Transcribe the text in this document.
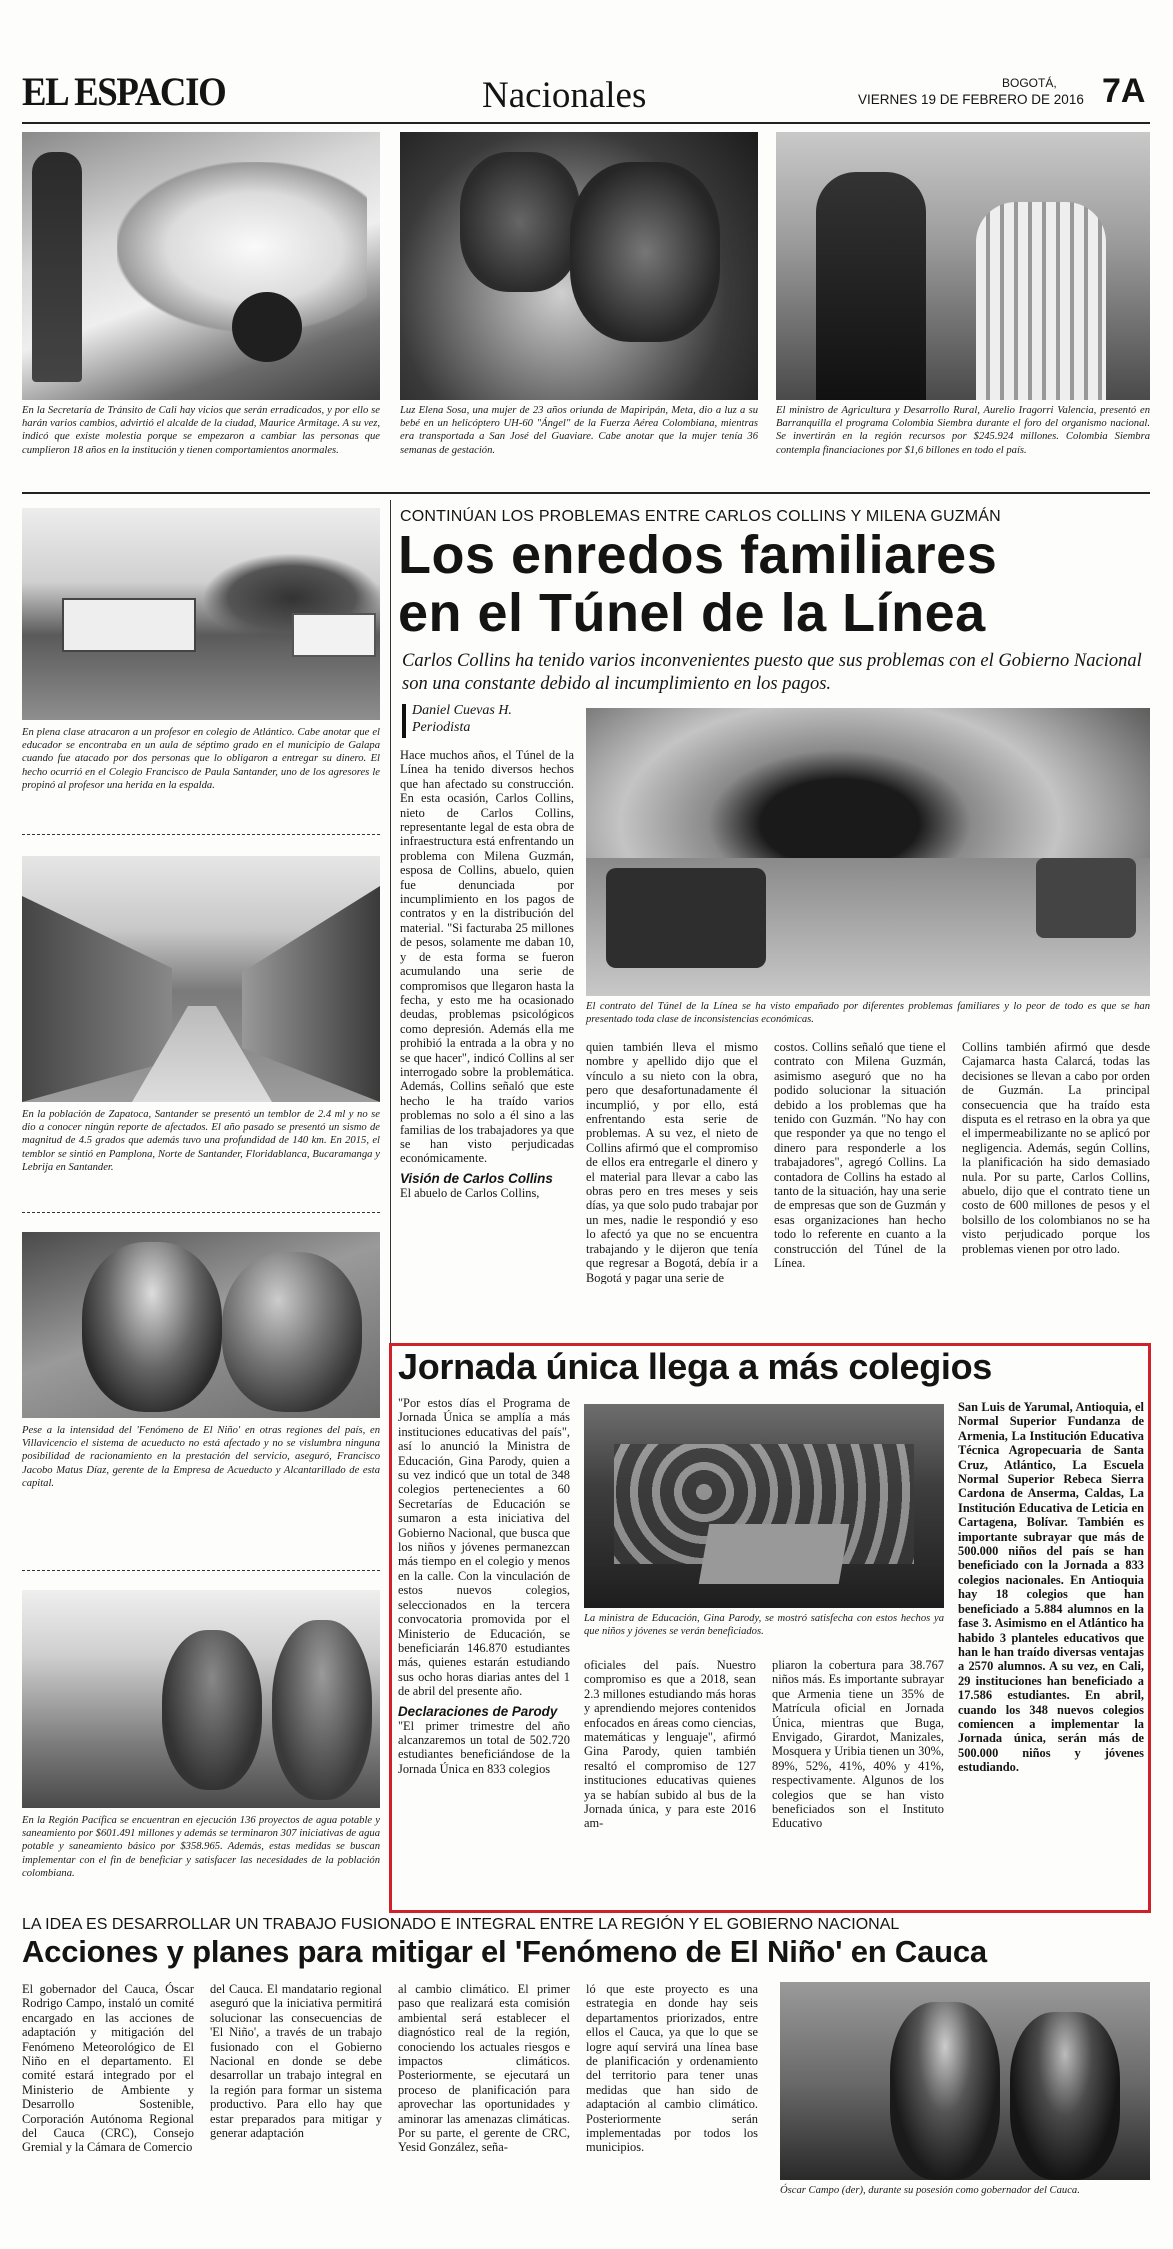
EL ESPACIO	Nacionales	BOGOTÁ,
VIERNES 19 DE FEBRERO DE 2016 7A
En la Secretaría de Tránsito de Cali hay vicios que serán erradicados, y por ello se harán varios cambios, advirtió el alcalde de la ciudad, Maurice Armitage. A su vez, indicó que existe molestia porque se empezaron a cambiar las personas que cumplieron 18 años en la institución y tienen comportamientos anormales.
Luz Elena Sosa, una mujer de 23 años oriunda de Mapiripán, Meta, dio a luz a su bebé en un helicóptero UH-60 "Ángel" de la Fuerza Aérea Colombiana, mientras era transportada a San José del Guaviare. Cabe anotar que la mujer tenía 36 semanas de gestación.
El ministro de Agricultura y Desarrollo Rural, Aurelio Iragorri Valencia, presentó en Barranquilla el programa Colombia Siembra durante el foro del organismo nacional. Se invertirán en la región recursos por $245.924 millones. Colombia Siembra contempla financiaciones por $1,6 billones en todo el país.
En plena clase atracaron a un profesor en colegio de Atlántico. Cabe anotar que el educador se encontraba en un aula de séptimo grado en el municipio de Galapa cuando fue atacado por dos personas que lo obligaron a entregar su dinero. El hecho ocurrió en el Colegio Francisco de Paula Santander, uno de los agresores le propinó al profesor una herida en la espalda.
En la población de Zapatoca, Santander se presentó un temblor de 2.4 ml y no se dio a conocer ningún reporte de afectados. El año pasado se presentó un sismo de magnitud de 4.5 grados que además tuvo una profundidad de 140 km. En 2015, el temblor se sintió en Pamplona, Norte de Santander, Floridablanca, Bucaramanga y Lebrija en Santander.
Pese a la intensidad del 'Fenómeno de El Niño' en otras regiones del país, en Villavicencio el sistema de acueducto no está afectado y no se vislumbra ninguna posibilidad de racionamiento en la prestación del servicio, aseguró, Francisco Jacobo Matus Díaz, gerente de la Empresa de Acueducto y Alcantarillado de esta capital.
En la Región Pacífica se encuentran en ejecución 136 proyectos de agua potable y saneamiento por $601.491 millones y además se terminaron 307 iniciativas de agua potable y saneamiento básico por $358.965. Además, estas medidas se buscan implementar con el fin de beneficiar y satisfacer las necesidades de la población colombiana.
CONTINÚAN LOS PROBLEMAS ENTRE CARLOS COLLINS Y MILENA GUZMÁN
Los enredos familiares
en el Túnel de la Línea
Carlos Collins ha tenido varios inconvenientes puesto que sus problemas con el Gobierno Nacional son una constante debido al incumplimiento en los pagos.
Daniel Cuevas H.
Periodista
El contrato del Túnel de la Línea se ha visto empañado por diferentes problemas familiares y lo peor de todo es que se han presentado toda clase de inconsistencias económicas.

Hace muchos años, el Túnel de la Línea ha tenido diversos hechos que han afectado su construcción. En esta ocasión, Carlos Collins, nieto de Carlos Collins, representante legal de esta obra de infraestructura está enfrentando un problema con Milena Guzmán, esposa de Collins, abuelo, quien fue denunciada por incumplimiento en los pagos de contratos y en la distribución del material. "Si facturaba 25 millones de pesos, solamente me daban 10, y de esta forma se fueron acumulando una serie de compromisos que llegaron hasta la fecha, y esto me ha ocasionado deudas, problemas psicológicos como depresión. Además ella me prohibió la entrada a la obra y no se que hacer", indicó Collins al ser interrogado sobre la problemática. Además, Collins señaló que este hecho le ha traído varios problemas no solo a él sino a las familias de los trabajadores ya que se han visto perjudicadas económicamente.

Visión de Carlos Collins

El abuelo de Carlos Collins,

quien también lleva el mismo nombre y apellido dijo que el vínculo a su nieto con la obra, pero que desafortunadamente él incumplió, y por ello, está enfrentando esta serie de problemas. A su vez, el nieto de Collins afirmó que el compromiso de ellos era entregarle el dinero y el material para llevar a cabo las obras pero en tres meses y seis días, ya que solo pudo trabajar por un mes, nadie le respondió y eso lo afectó ya que no se encuentra trabajando y le dijeron que tenía que regresar a Bogotá, debía ir a Bogotá y pagar una serie de
costos. Collins señaló que tiene el contrato con Milena Guzmán, asimismo aseguró que no ha podido solucionar la situación debido a los problemas que ha tenido con Guzmán. "No hay con que responder ya que no tengo el dinero para responderle a los trabajadores", agregó Collins. La contadora de Collins ha estado al tanto de la situación, hay una serie de empresas que son de Guzmán y esas organizaciones han hecho todo lo referente en cuanto a la construcción del Túnel de la Línea.
Collins también afirmó que desde Cajamarca hasta Calarcá, todas las decisiones se llevan a cabo por orden de Guzmán. La principal consecuencia que ha traído esta disputa es el retraso en la obra ya que el impermeabilizante no se aplicó por negligencia. Además, según Collins, la planificación ha sido demasiado nula. Por su parte, Carlos Collins, abuelo, dijo que el contrato tiene un costo de 600 millones de pesos y el bolsillo de los colombianos no se ha visto perjudicado porque los problemas vienen por otro lado.
Jornada única llega a más colegios

"Por estos días el Programa de Jornada Única se amplía a más instituciones educativas del país", así lo anunció la Ministra de Educación, Gina Parody, quien a su vez indicó que un total de 348 colegios pertenecientes a 60 Secretarías de Educación se sumaron a esta iniciativa del Gobierno Nacional, que busca que los niños y jóvenes permanezcan más tiempo en el colegio y menos en la calle. Con la vinculación de estos nuevos colegios, seleccionados en la tercera convocatoria promovida por el Ministerio de Educación, se beneficiarán 146.870 estudiantes más, quienes estarán estudiando sus ocho horas diarias antes del 1 de abril del presente año.

Declaraciones de Parody

"El primer trimestre del año alcanzaremos un total de 502.720 estudiantes beneficiándose de la Jornada Única en 833 colegios

La ministra de Educación, Gina Parody, se mostró satisfecha con estos hechos ya que niños y jóvenes se verán beneficiados.
oficiales del país. Nuestro compromiso es que a 2018, sean 2.3 millones estudiando más horas y aprendiendo mejores contenidos enfocados en áreas como ciencias, matemáticas y lenguaje", afirmó Gina Parody, quien también resaltó el compromiso de 127 instituciones educativas quienes ya se habían subido al bus de la Jornada única, y para este 2016 am-
pliaron la cobertura para 38.767 niños más. Es importante subrayar que Armenia tiene un 35% de Matrícula oficial en Jornada Única, mientras que Buga, Envigado, Girardot, Manizales, Mosquera y Uribia tienen un 30%, 89%, 52%, 41%, 40% y 41%, respectivamente. Algunos de los colegios que se han visto beneficiados son el Instituto Educativo
San Luis de Yarumal, Antioquia, el Normal Superior Fundanza de Armenia, La Institución Educativa Técnica Agropecuaria de Santa Cruz, Atlántico, La Escuela Normal Superior Rebeca Sierra Cardona de Anserma, Caldas, La Institución Educativa de Leticia en Cartagena, Bolívar. También es importante subrayar que más de 500.000 niños del país se han beneficiado con la Jornada a 833 colegios nacionales. En Antioquia hay 18 colegios que han beneficiado a 5.884 alumnos en la fase 3. Asimismo en el Atlántico ha habido 3 planteles educativos que han le han traído diversas ventajas a 2570 alumnos. A su vez, en Cali, 29 instituciones han beneficiado a 17.586 estudiantes. En abril, cuando los 348 nuevos colegios comiencen a implementar la Jornada única, serán más de 500.000 niños y jóvenes estudiando.
LA IDEA ES DESARROLLAR UN TRABAJO FUSIONADO E INTEGRAL ENTRE LA REGIÓN Y EL GOBIERNO NACIONAL
Acciones y planes para mitigar el 'Fenómeno de El Niño' en Cauca
El gobernador del Cauca, Óscar Rodrigo Campo, instaló un comité encargado en las acciones de adaptación y mitigación del Fenómeno Meteorológico de El Niño en el departamento. El comité estará integrado por el Ministerio de Ambiente y Desarrollo Sostenible, Corporación Autónoma Regional del Cauca (CRC), Consejo Gremial y la Cámara de Comercio
del Cauca. El mandatario regional aseguró que la iniciativa permitirá solucionar las consecuencias de 'El Niño', a través de un trabajo fusionado con el Gobierno Nacional en donde se debe desarrollar un trabajo integral en la región para formar un sistema productivo. Para ello hay que estar preparados para mitigar y generar adaptación
al cambio climático. El primer paso que realizará esta comisión ambiental será establecer el diagnóstico real de la región, conociendo los actuales riesgos e impactos climáticos. Posteriormente, se ejecutará un proceso de planificación para aprovechar las oportunidades y aminorar las amenazas climáticas. Por su parte, el gerente de CRC, Yesid González, seña-
ló que este proyecto es una estrategia en donde hay seis departamentos priorizados, entre ellos el Cauca, ya que lo que se logre aquí servirá una línea base de planificación y ordenamiento del territorio para tener unas medidas que han sido de adaptación al cambio climático. Posteriormente serán implementadas por todos los municipios.
Óscar Campo (der), durante su posesión como gobernador del Cauca.
